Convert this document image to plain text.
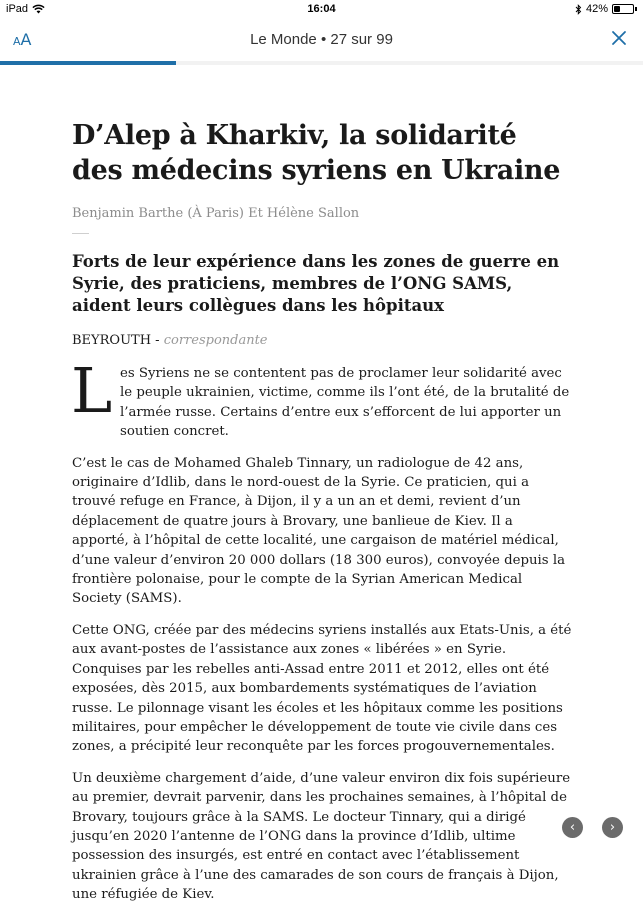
iPad	16:04	42%
AA	Le Monde • 27 sur 99
D’Alep à Kharkiv, la solidarité des médecins syriens en Ukraine
Benjamin Barthe (À Paris) Et Hélène Sallon
Forts de leur expérience dans les zones de guerre en Syrie, des praticiens, membres de l’ONG SAMS, aident leurs collègues dans les hôpitaux
BEYROUTH - correspondante

L es Syriens ne se contentent pas de proclamer leur solidarité avec le peuple ukrainien, victime, comme ils l’ont été, de la brutalité de l’armée russe. Certains d’entre eux s’efforcent de lui apporter un soutien concret.

C’est le cas de Mohamed Ghaleb Tinnary, un radiologue de 42 ans, originaire d’Idlib, dans le nord-ouest de la Syrie. Ce praticien, qui a trouvé refuge en France, à Dijon, il y a un an et demi, revient d’un déplacement de quatre jours à Brovary, une banlieue de Kiev. Il a apporté, à l’hôpital de cette localité, une cargaison de matériel médical, d’une valeur d’environ 20 000 dollars (18 300 euros), convoyée depuis la frontière polonaise, pour le compte de la Syrian American Medical Society (SAMS).

Cette ONG, créée par des médecins syriens installés aux Etats-Unis, a été aux avant-postes de l’assistance aux zones « libérées » en Syrie. Conquises par les rebelles anti-Assad entre 2011 et 2012, elles ont été exposées, dès 2015, aux bombardements systématiques de l’aviation russe. Le pilonnage visant les écoles et les hôpitaux comme les positions militaires, pour empêcher le développement de toute vie civile dans ces zones, a précipité leur reconquête par les forces progouvernementales.

Un deuxième chargement d’aide, d’une valeur environ dix fois supérieure au premier, devrait parvenir, dans les prochaines semaines, à l’hôpital de Brovary, toujours grâce à la SAMS. Le docteur Tinnary, qui a dirigé jusqu’en 2020 l’antenne de l’ONG dans la province d’Idlib, ultime possession des insurgés, est entré en contact avec l’établissement ukrainien grâce à l’une des camarades de son cours de français à Dijon, une réfugiée de Kiev.

‹	›
